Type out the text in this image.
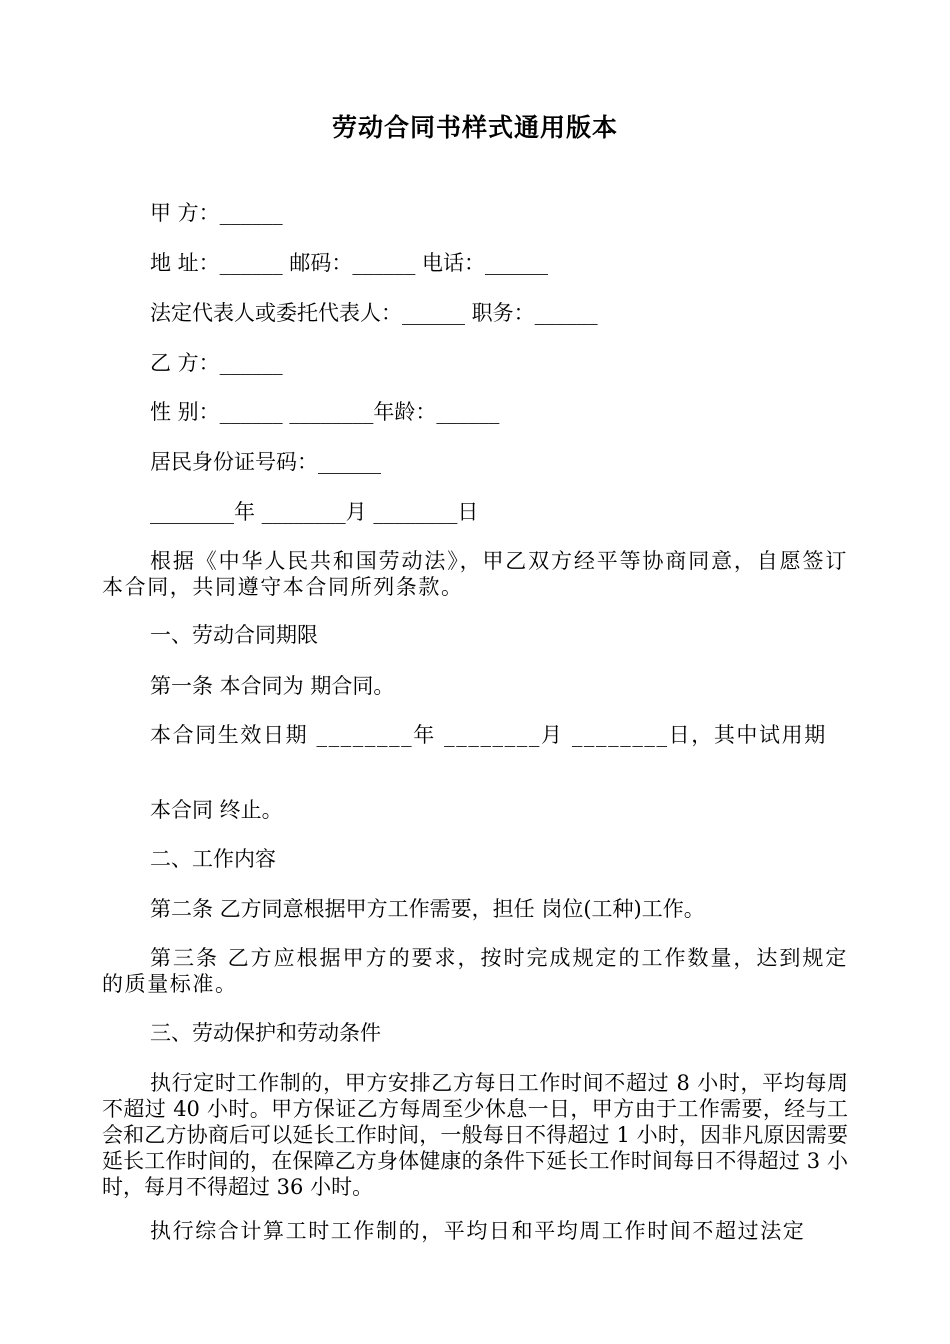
劳动合同书样式通用版本
甲 方：______
地 址：______ 邮码：______ 电话：______
法定代表人或委托代表人：______ 职务：______
乙 方：______
性 别：______ ________年龄：______
居民身份证号码：______
________年 ________月 ________日
根据《中华人民共和国劳动法》，甲乙双方经平等协商同意，自愿签订本合同，共同遵守本合同所列条款。
一、劳动合同期限
第一条 本合同为 期合同。
本合同生效日期 ________年 ________月 ________日，其中试用期
本合同 终止。
二、工作内容
第二条 乙方同意根据甲方工作需要，担任 岗位(工种)工作。
第三条 乙方应根据甲方的要求，按时完成规定的工作数量，达到规定的质量标准。
三、劳动保护和劳动条件
执行定时工作制的，甲方安排乙方每日工作时间不超过 8 小时，平均每周不超过 40 小时。甲方保证乙方每周至少休息一日，甲方由于工作需要，经与工会和乙方协商后可以延长工作时间，一般每日不得超过 1 小时，因非凡原因需要延长工作时间的，在保障乙方身体健康的条件下延长工作时间每日不得超过 3 小时，每月不得超过 36 小时。
执行综合计算工时工作制的，平均日和平均周工作时间不超过法定
